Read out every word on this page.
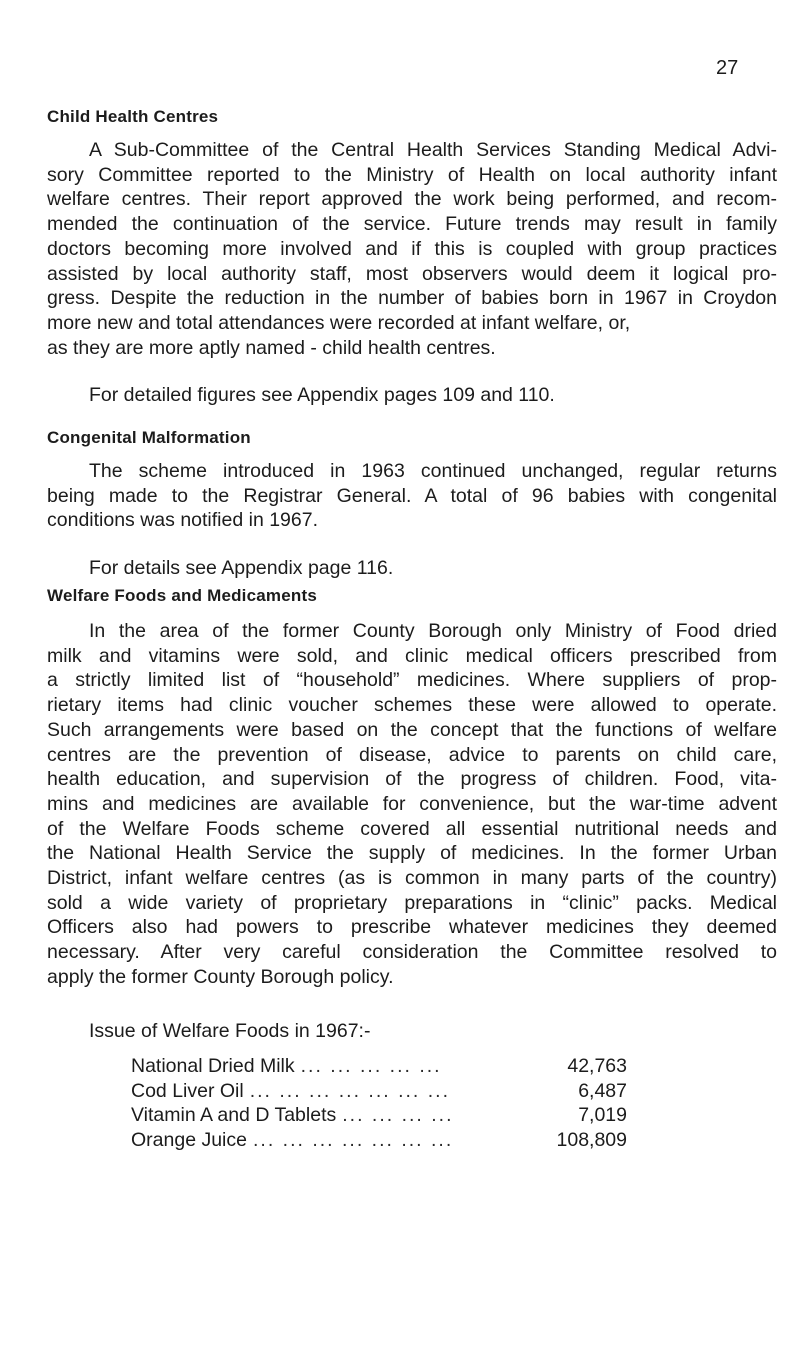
27
Child Health Centres
A Sub-Committee of the Central Health Services Standing Medical Advi-
sory Committee reported to the Ministry of Health on local authority infant
welfare centres. Their report approved the work being performed, and recom-
mended the continuation of the service. Future trends may result in family
doctors becoming more involved and if this is coupled with group practices
assisted by local authority staff, most observers would deem it logical pro-
gress. Despite the reduction in the number of babies born in 1967 in Croydon
more new and total attendances were recorded at infant welfare, or,
as they are more aptly named - child health centres.
For detailed figures see Appendix pages 109 and 110.
Congenital Malformation
The scheme introduced in 1963 continued unchanged, regular returns
being made to the Registrar General. A total of 96 babies with congenital
conditions was notified in 1967.
For details see Appendix page 116.
Welfare Foods and Medicaments
In the area of the former County Borough only Ministry of Food dried
milk and vitamins were sold, and clinic medical officers prescribed from
a strictly limited list of “household” medicines. Where suppliers of prop-
rietary items had clinic voucher schemes these were allowed to operate.
Such arrangements were based on the concept that the functions of welfare
centres are the prevention of disease, advice to parents on child care,
health education, and supervision of the progress of children. Food, vita-
mins and medicines are available for convenience, but the war-time advent
of the Welfare Foods scheme covered all essential nutritional needs and
the National Health Service the supply of medicines. In the former Urban
District, infant welfare centres (as is common in many parts of the country)
sold a wide variety of proprietary preparations in “clinic” packs. Medical
Officers also had powers to prescribe whatever medicines they deemed
necessary. After very careful consideration the Committee resolved to
apply the former County Borough policy.
Issue of Welfare Foods in 1967:-
National Dried Milk ... ... ... ... ...	42,763
Cod Liver Oil ... ... ... ... ... ... ...	6,487
Vitamin A and D Tablets ... ... ... ...	7,019
Orange Juice ... ... ... ... ... ... ...	108,809
